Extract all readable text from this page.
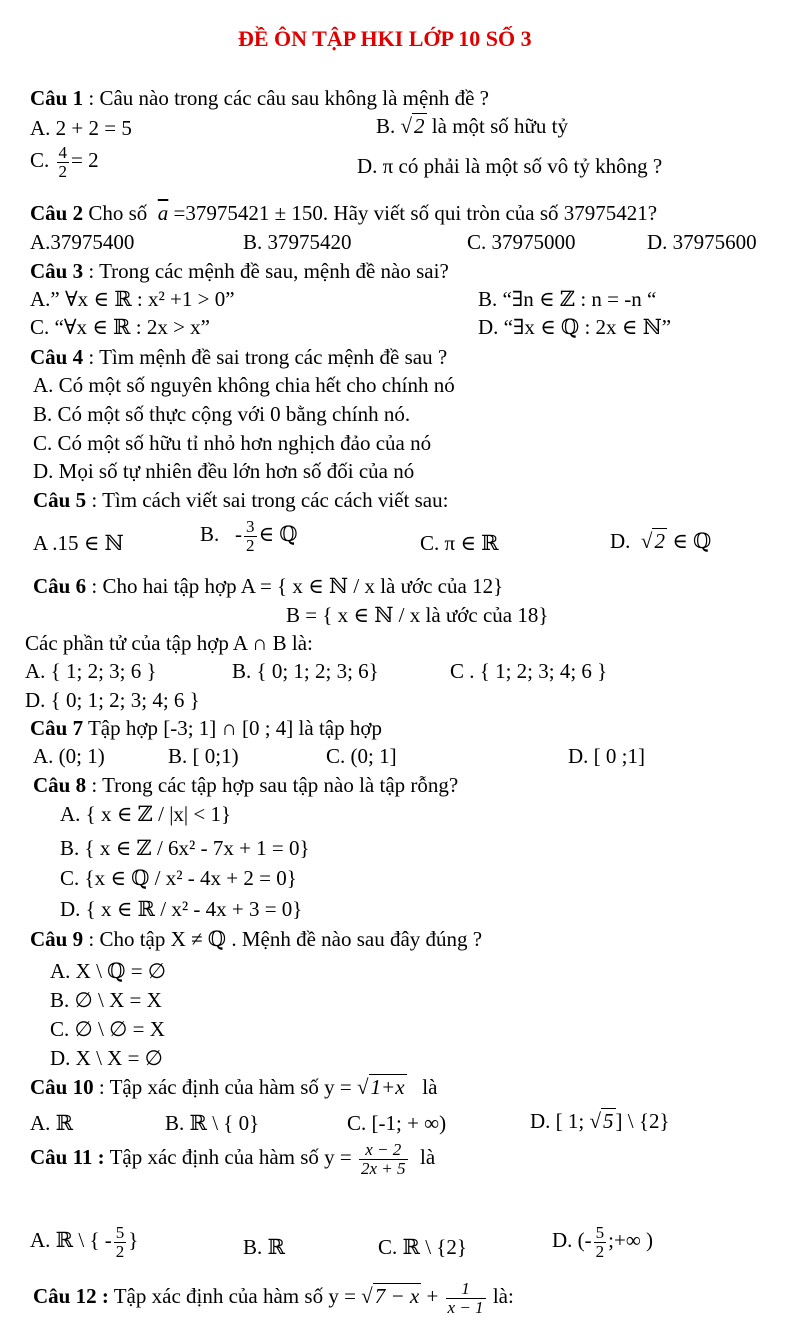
ĐỀ ÔN TẬP HKI LỚP 10 SỐ 3
Câu 1 : Câu nào trong các câu sau không là mệnh đề ?
A. 2 + 2 = 5	B. √2 là một số hữu tỷ
C. $\frac{4}{2} = 2$	D. π có phải là một số vô tỷ không ?
Câu 2 Cho số $\overline{a} =37975421 \pm 150$. Hãy viết số qui tròn của số 37975421?
A.37975400	B. 37975420	C. 37975000	D. 37975600
Câu 3 : Trong các mệnh đề sau, mệnh đề nào sai?
A.” ∀x ∈ ℝ : x² +1 > 0”	B. “∃n ∈ ℤ : n = -n “
C. “∀x ∈ ℝ : 2x > x”	D. “∃x ∈ ℚ : 2x ∈ ℕ”
Câu 4 : Tìm mệnh đề sai trong các mệnh đề sau ?
A. Có một số nguyên không chia hết cho chính nó
B. Có một số thực cộng với 0 bằng chính nó.
C. Có một số hữu tỉ nhỏ hơn nghịch đảo của nó
D. Mọi số tự nhiên đều lớn hơn số đối của nó
Câu 5 : Tìm cách viết sai trong các cách viết sau:
A .15 ∈ ℕ	B.   - $\frac{3}{2}$ ∈ ℚ	C. π ∈ ℝ	D.  √2 ∈ ℚ
Câu 6 : Cho hai tập hợp A = { x ∈ ℕ / x là ước của 12}
B = { x ∈ ℕ / x là ước của 18}
Các phần tử của tập hợp A ∩ B là:
A. { 1; 2; 3; 6 }	B. { 0; 1; 2; 3; 6}	C . { 1; 2; 3; 4; 6 }
D. { 0; 1; 2; 3; 4; 6 }
Câu 7 Tập hợp [-3; 1] ∩ [0 ; 4] là tập hợp
A. (0; 1)	B. [ 0;1)	C. (0; 1]	D. [ 0 ;1]
Câu 8 : Trong các tập hợp sau tập nào là tập rỗng?
A. { x ∈ ℤ / |x| < 1}
B. { x ∈ ℤ / 6x² - 7x + 1 = 0}
C. {x ∈ ℚ / x² - 4x + 2 = 0}
D. { x ∈ ℝ / x² - 4x + 3 = 0}
Câu 9 : Cho tập X ≠ ℚ . Mệnh đề nào sau đây đúng ?
A. X \ ℚ = ∅
B. ∅ \ X = X
C. ∅ \ ∅ = X
D. X \ X = ∅
Câu 10 : Tập xác định của hàm số y = √1+x là
A. ℝ	B. ℝ \ { 0}	C. [-1; + ∞)	D. [ 1; √5] \ {2}
Câu 11 : Tập xác định của hàm số $y = \frac{x - 2}{2x + 5}$ là
A. ℝ \ { - $\frac{5}{2}$ }	B. ℝ	C. ℝ \ {2}	D. (- $\frac{5}{2}$ ;+∞ )
Câu 12 : Tập xác định của hàm số $y = √7 - x + \frac{1}{x - 1}$ là:
